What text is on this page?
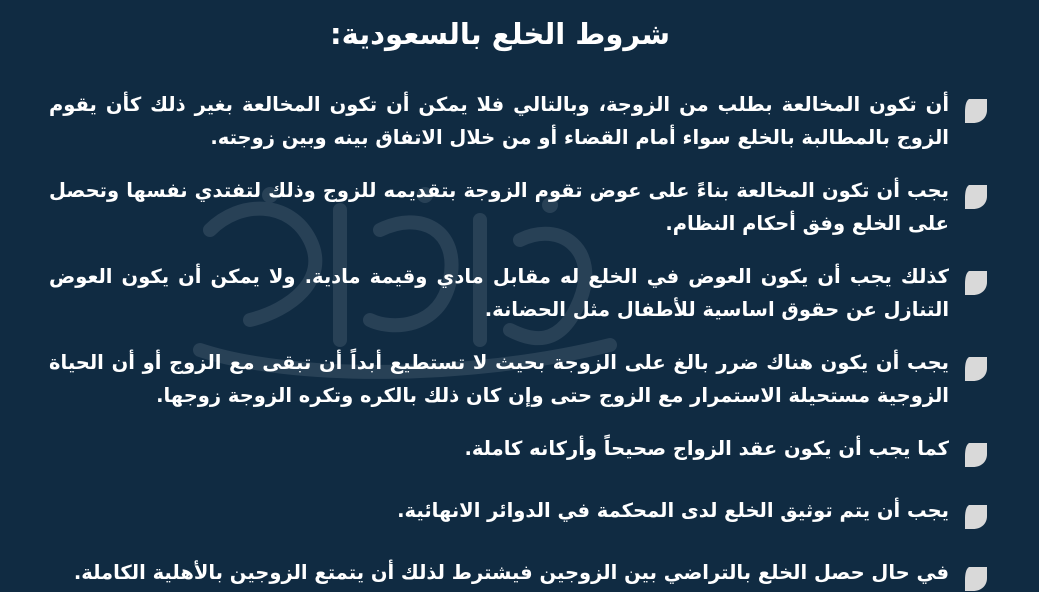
شروط الخلع بالسعودية:
أن تكون المخالعة بطلب من الزوجة، وبالتالي فلا يمكن أن تكون المخالعة بغير ذلك كأن يقوم الزوج بالمطالبة بالخلع سواء أمام القضاء أو من خلال الاتفاق بينه وبين زوجته.
يجب أن تكون المخالعة بناءً على عوض تقوم الزوجة بتقديمه للزوج وذلك لتفتدي نفسها وتحصل على الخلع وفق أحكام النظام.
كذلك يجب أن يكون العوض في الخلع له مقابل مادي وقيمة مادية. ولا يمكن أن يكون العوض التنازل عن حقوق اساسية للأطفال مثل الحضانة.
يجب أن يكون هناك ضرر بالغ على الزوجة بحيث لا تستطيع أبداً أن تبقى مع الزوج أو أن الحياة الزوجية مستحيلة الاستمرار مع الزوج حتى وإن كان ذلك بالكره وتكره الزوجة زوجها.
كما يجب أن يكون عقد الزواج صحيحاً وأركانه كاملة.
يجب أن يتم توثيق الخلع لدى المحكمة في الدوائر الانهائية.
في حال حصل الخلع بالتراضي بين الزوجين فيشترط لذلك أن يتمتع الزوجين بالأهلية الكاملة.
